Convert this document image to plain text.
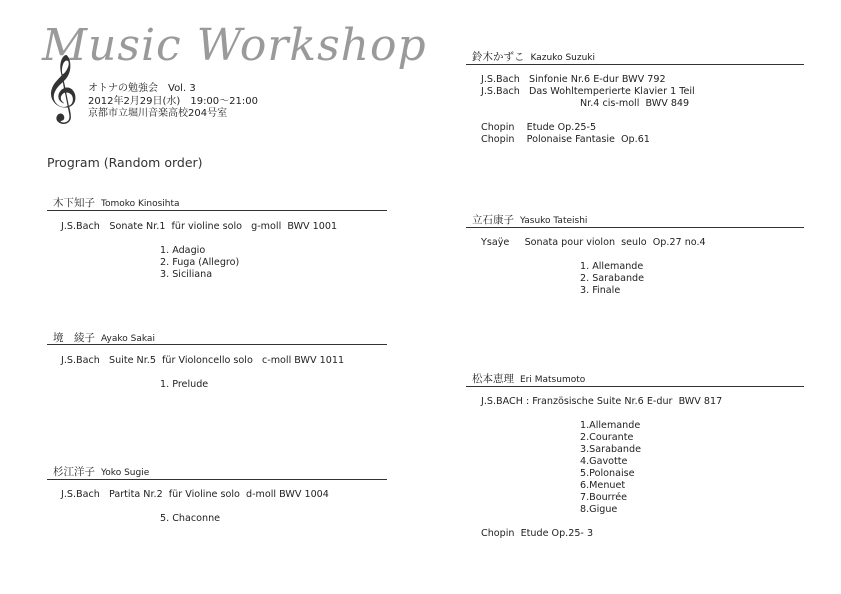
Music Workshop
𝄞 オトナの勉強会　Vol. 3
2012年2月29日(水)　19:00～21:00
京都市立堀川音楽高校204号室
Program (Random order)
木下知子 Tomoko Kinosihta
J.S.Bach　Sonate Nr.1  für violine solo   g-moll  BWV 1001
1. Adagio
2. Fuga (Allegro)
3. Siciliana
境　綾子 Ayako Sakai
J.S.Bach   Suite Nr.5  für Violoncello solo   c-moll BWV 1011
1. Prelude
杉江洋子 Yoko Sugie
J.S.Bach   Partita Nr.2  für Violine solo  d-moll BWV 1004
5. Chaconne
鈴木かずこ Kazuko Suzuki
J.S.Bach   Sinfonie Nr.6 E-dur BWV 792
J.S.Bach   Das Wohltemperierte Klavier 1 Teil
Nr.4 cis-moll  BWV 849
Chopin    Etude Op.25-5
Chopin    Polonaise Fantasie  Op.61
立石康子 Yasuko Tateishi
Ysaÿe     Sonata pour violon  seulo  Op.27 no.4
1. Allemande
2. Sarabande
3. Finale
松本恵理 Eri Matsumoto
J.S.BACH : Französische Suite Nr.6 E-dur  BWV 817
1.Allemande
2.Courante
3.Sarabande
4.Gavotte
5.Polonaise
6.Menuet
7.Bourrée
8.Gigue
Chopin  Etude Op.25- 3
